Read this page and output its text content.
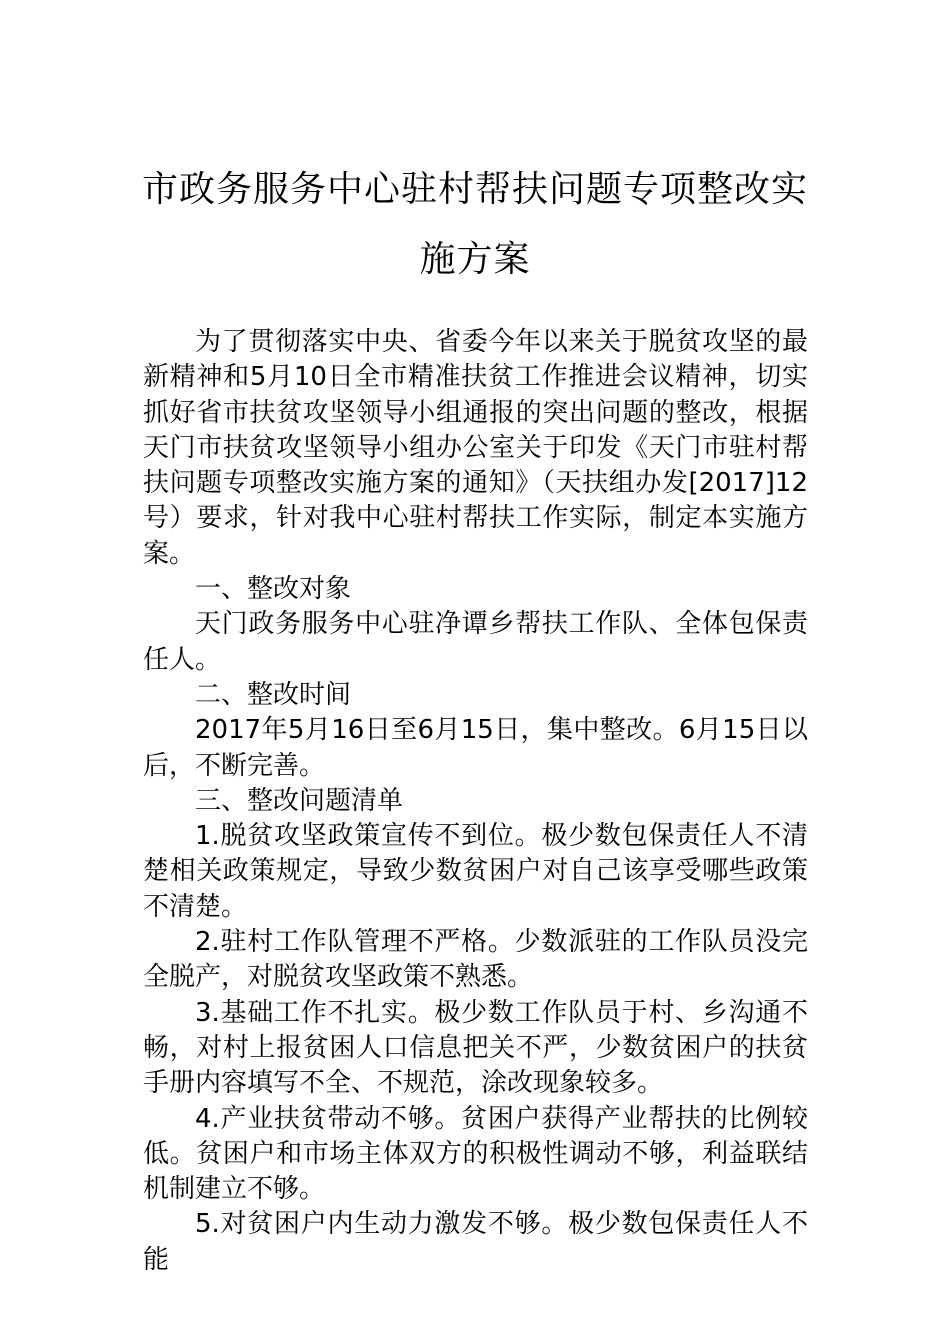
市政务服务中心驻村帮扶问题专项整改实
施方案

为了贯彻落实中央、省委今年以来关于脱贫攻坚的最新精神和5月10日全市精准扶贫工作推进会议精神，切实抓好省市扶贫攻坚领导小组通报的突出问题的整改，根据天门市扶贫攻坚领导小组办公室关于印发《天门市驻村帮扶问题专项整改实施方案的通知》（天扶组办发[2017]12号）要求，针对我中心驻村帮扶工作实际，制定本实施方案。

一、整改对象

天门政务服务中心驻净谭乡帮扶工作队、全体包保责任人。

二、整改时间

2017年5月16日至6月15日，集中整改。6月15日以后，不断完善。

三、整改问题清单

1.脱贫攻坚政策宣传不到位。极少数包保责任人不清楚相关政策规定，导致少数贫困户对自己该享受哪些政策不清楚。

2.驻村工作队管理不严格。少数派驻的工作队员没完全脱产，对脱贫攻坚政策不熟悉。

3.基础工作不扎实。极少数工作队员于村、乡沟通不畅，对村上报贫困人口信息把关不严，少数贫困户的扶贫手册内容填写不全、不规范，涂改现象较多。

4.产业扶贫带动不够。贫困户获得产业帮扶的比例较低。贫困户和市场主体双方的积极性调动不够，利益联结机制建立不够。

5.对贫困户内生动力激发不够。极少数包保责任人不能
